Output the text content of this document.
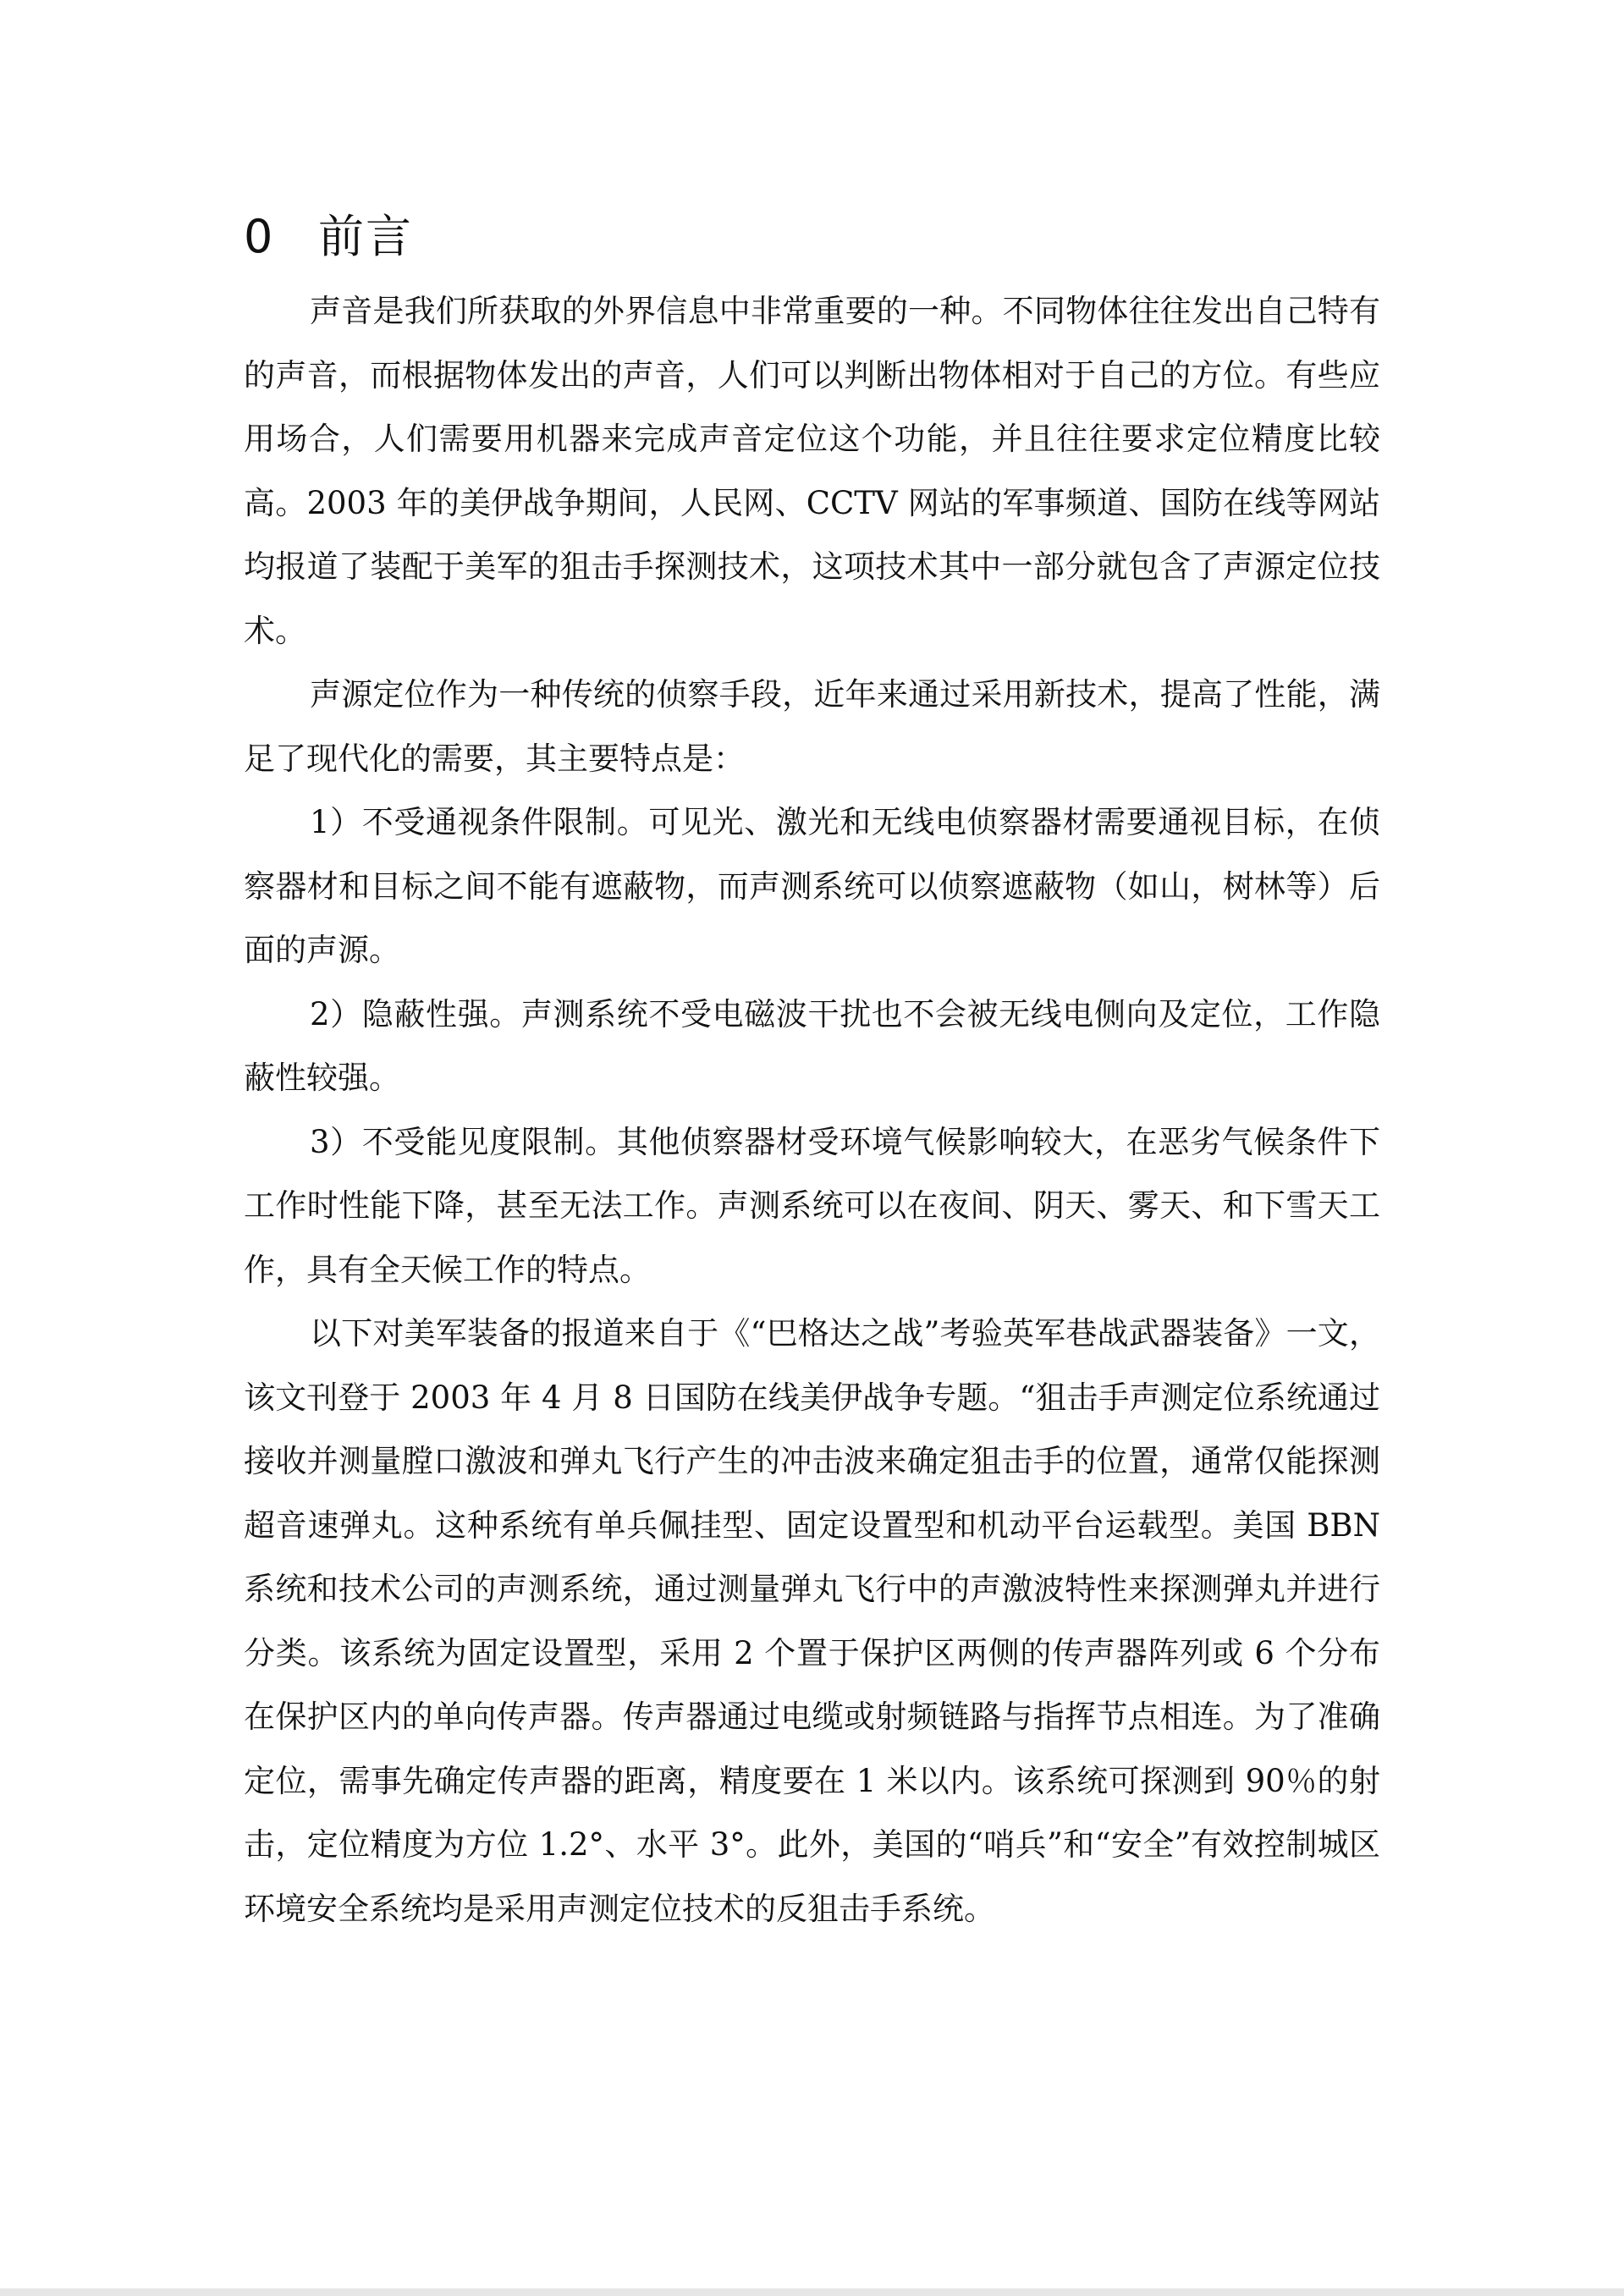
0 前言

声音是我们所获取的外界信息中非常重要的一种。不同物体往往发出自己特有的声音，而根据物体发出的声音，人们可以判断出物体相对于自己的方位。有些应用场合，人们需要用机器来完成声音定位这个功能，并且往往要求定位精度比较高。2003 年的美伊战争期间，人民网、CCTV 网站的军事频道、国防在线等网站均报道了装配于美军的狙击手探测技术，这项技术其中一部分就包含了声源定位技术。

声源定位作为一种传统的侦察手段，近年来通过采用新技术，提高了性能，满足了现代化的需要，其主要特点是：

1）不受通视条件限制。可见光、激光和无线电侦察器材需要通视目标，在侦察器材和目标之间不能有遮蔽物，而声测系统可以侦察遮蔽物（如山，树林等）后面的声源。

2）隐蔽性强。声测系统不受电磁波干扰也不会被无线电侧向及定位，工作隐蔽性较强。

3）不受能见度限制。其他侦察器材受环境气候影响较大，在恶劣气候条件下工作时性能下降，甚至无法工作。声测系统可以在夜间、阴天、雾天、和下雪天工作，具有全天候工作的特点。

以下对美军装备的报道来自于《“巴格达之战”考验英军巷战武器装备》一文，该文刊登于 2003 年 4 月 8 日国防在线美伊战争专题。“狙击手声测定位系统通过接收并测量膛口激波和弹丸飞行产生的冲击波来确定狙击手的位置，通常仅能探测超音速弹丸。这种系统有单兵佩挂型、固定设置型和机动平台运载型。美国 BBN 系统和技术公司的声测系统，通过测量弹丸飞行中的声激波特性来探测弹丸并进行分类。该系统为固定设置型，采用 2 个置于保护区两侧的传声器阵列或 6 个分布在保护区内的单向传声器。传声器通过电缆或射频链路与指挥节点相连。为了准确定位，需事先确定传声器的距离，精度要在 1 米以内。该系统可探测到 90％的射击，定位精度为方位 1.2°、水平 3°。此外，美国的“哨兵”和“安全”有效控制城区环境安全系统均是采用声测定位技术的反狙击手系统。
